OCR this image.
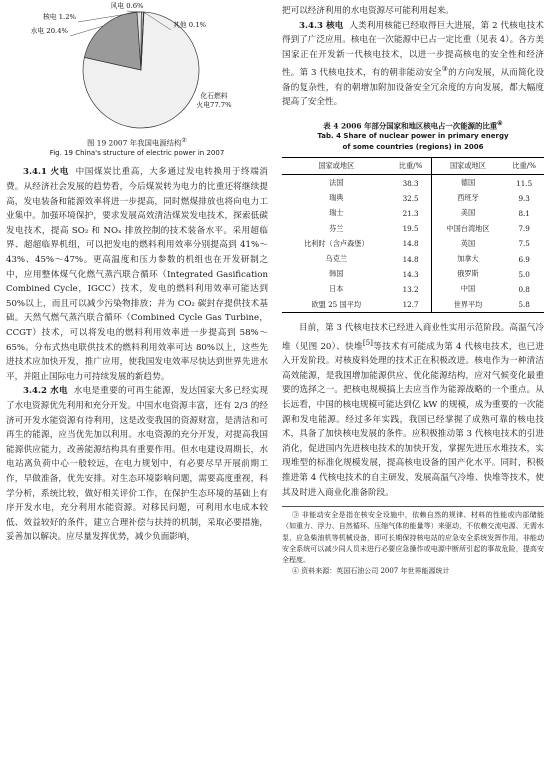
化石燃料
火电77.7%
水电 20.4%
核电 1.2%
风电 0.6%
其他 0.1%

图 19 2007 年我国电源结构②

Fig. 19 China's structure of electric power in 2007

3.4.1 火电 中国煤炭比重高，大多通过发电转换用于终端消费。从经济社会发展的趋势看，今后煤炭转为电力的比重还将继续提高，发电装备和能源效率将进一步提高，同时燃煤排放也将向电力工业集中。加强环境保护，要求发展高效清洁煤炭发电技术，探索低碳发电技术，提高 SO₂ 和 NOₓ 排放控制的技术装备水平。采用超临界、超超临界机组，可以把发电的燃料利用效率分别提高到 41%～43%、45%～47%。更高温度和压力参数的机组也在开发研制之中，应用整体煤气化燃气蒸汽联合循环（Integrated Gasification Combined Cycle，IGCC）技术，发电的燃料利用效率可能达到 50%以上，而且可以减少污染物排放；并为 CO₂ 碳封存提供技术基础。天然气燃气蒸汽联合循环（Combined Cycle Gas Turbine，CCGT）技术，可以将发电的燃料利用效率进一步提高到 58%～65%。分布式热电联供技术的燃料利用效率可达 80%以上，这些先进技术应加快开发，推广应用，使我国发电效率尽快达到世界先进水平，并阻止国际电力可持续发展的新趋势。

3.4.2 水电 水电是重要的可再生能源，发达国家大多已经实现了水电资源优先利用和充分开发。中国水电资源丰富，还有 2/3 的经济可开发水能资源有待利用，这是改变我国的资源财富，是清洁和可再生的能源，应当优先加以利用。水电资源的充分开发，对提高我国能源供应能力，改善能源结构具有重要作用。但水电建设周期长，水电站离负荷中心一般较远，在电力规划中，有必要尽早开展前期工作，早做准备，优先安排。对生态环境影响问题，需要高度重视，科学分析，系统比较，做好相关评价工作，在保护生态环境的基础上有序开发水电，充分利用水能资源。对移民问题，可利用水电成本较低、效益较好的条件，建立合理补偿与扶持的机制，采取必要措施，妥善加以解决。应尽量发挥优势，减少负面影响，

把可以经济利用的水电资源尽可能利用起来。

3.4.3 核电 人类利用核能已经取得巨大进展，第 2 代核电技术得到了广泛应用。核电在一次能源中已占一定比重（见表 4）。各方美国家正在开发新一代核电技术，以进一步提高核电的安全性和经济性。第 3 代核电技术，有的朝非能动安全③的方向发展，从而简化设备的复杂性，有的朝增加附加设备安全冗余度的方向发展，都大幅度提高了安全性。

表 4 2006 年部分国家和地区核电占一次能源的比重④

Tab. 4 Share of nuclear power in primary energy

of some countries (regions) in 2006

国家或地区	比重/%	国家或地区	比重/%
法国	38.3	德国	11.5
瑞典	32.5	西班牙	9.3
瑞士	21.3	美国	8.1
芬兰	19.5	中国台湾地区	7.9
比利时（含卢森堡）	14.8	英国	7.5
乌克兰	14.8	加拿大	6.9
韩国	14.3	俄罗斯	5.0
日本	13.2	中国	0.8
欧盟 25 国平均	12.7	世界平均	5.8

目前，第 3 代核电技术已经进入商业性实用示范阶段。高温气冷堆（见图 20）、快堆[5]等技术有可能成为第 4 代核电技术，也已进入开发阶段。对核废料处理的技术正在积极改进。核电作为一种清洁高效能源，是我国增加能源供应、优化能源结构，应对气候变化最重要的选择之一。把核电规模搞上去应当作为能源战略的一个重点。从长远看，中国的核电规模可能达到亿 kW 的规模，成为重要的一次能源和发电能源。经过多年实践，我国已经掌握了成熟可靠的核电技术，具备了加快核电发展的条件。应积极推动第 3 代核电技术的引进消化，促进国内先进核电技术的加快开发，掌握先进压水堆技术，实现堆型的标准化规模发展，提高核电设备的国产化水平。同时，积极推进第 4 代核电技术的自主研发，发展高温气冷堆、快堆等技术，使其及时进入商业化准备阶段。

③ 非能动安全是指在核安全设施中，依赖自然的规律、材料的性能或内部储能（如重力、浮力、自然循环、压缩气体的能量等）来驱动，不依赖交流电源、无需水泵、应急柴油机等机械设备，即可长期保持核电站的应急安全系统发挥作用。非能动安全系统可以减少同人员未进行必要应急操作或电源中断所引起的事故危险，提高安全程度。

④ 资料来源：英国石油公司 2007 年世界能源统计
